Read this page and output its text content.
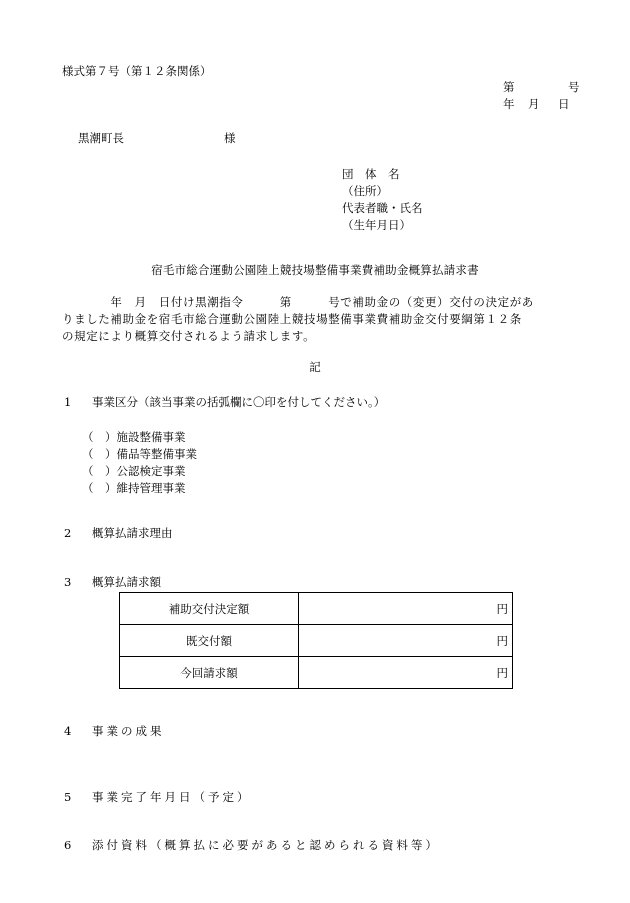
様式第７号（第１２条関係）
第	号
年 月 日
黒潮町長	様
団　体　名
（住所）
代表者職・氏名
（生年月日）
宿毛市総合運動公園陸上競技場整備事業費補助金概算払請求書
　　　　年　月　日付け黒潮指令　　　第　　　号で補助金の（変更）交付の決定があ
りました補助金を宿毛市総合運動公園陸上競技場整備事業費補助金交付要綱第１２条
の規定により概算交付されるよう請求します。
記
1 事業区分（該当事業の括弧欄に〇印を付してください。）
（　）施設整備事業
（　）備品等整備事業
（　）公認検定事業
（　）維持管理事業
2 概算払請求理由
3 概算払請求額
補助交付決定額	円
既交付額	円
今回請求額	円
4 事業の成果
5 事業完了年月日（予定）
6 添付資料（概算払に必要があると認められる資料等）
